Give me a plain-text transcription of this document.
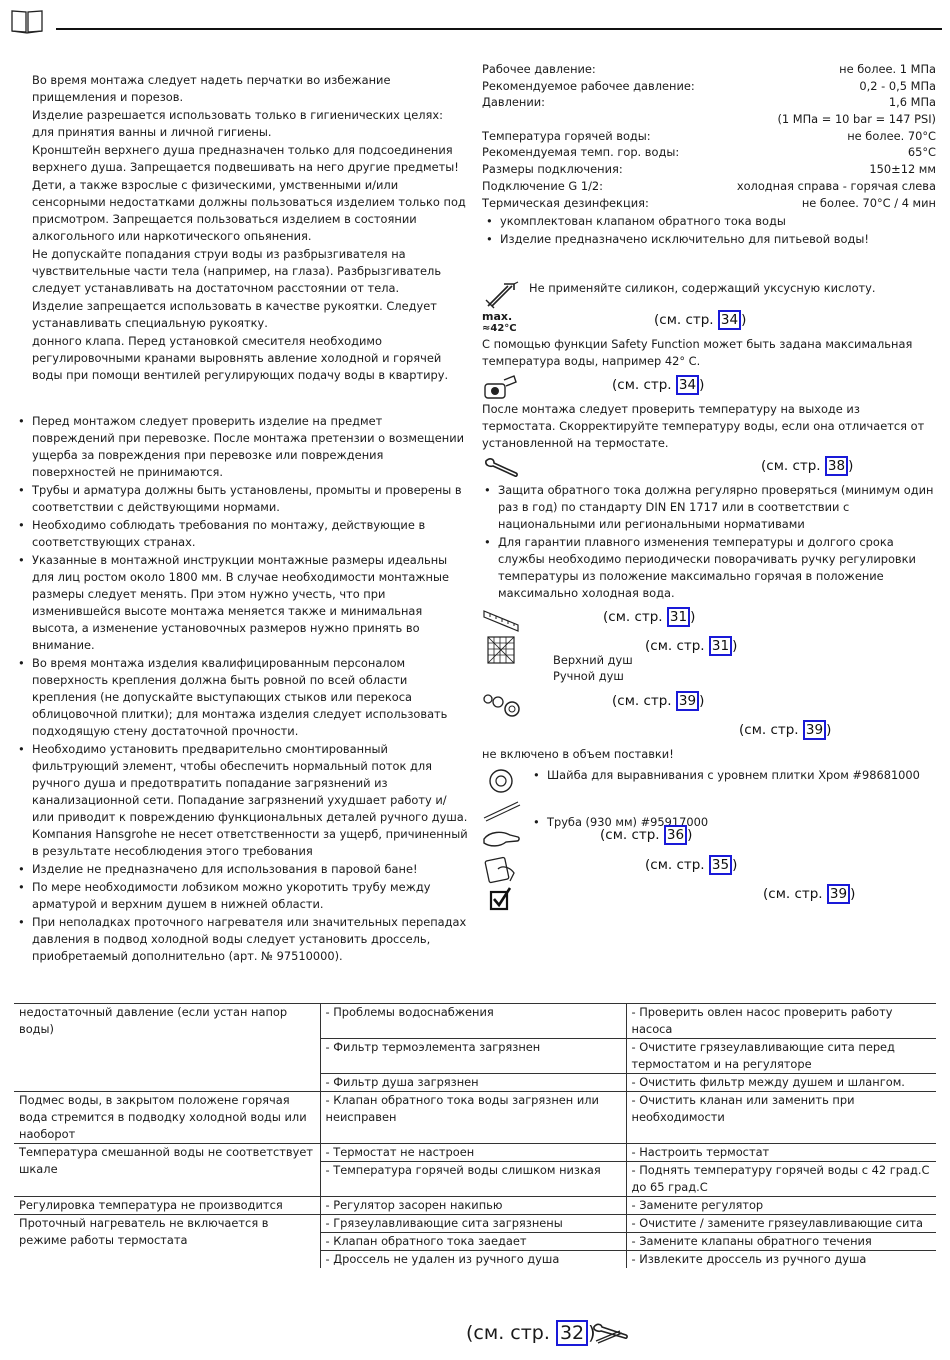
Во время монтажа следует надеть перчатки во избежание прищемления и порезов.
Изделие разрешается использовать только в гигиенических целях: для принятия ванны и личной гигиены.
Кронштейн верхнего душа предназначен только для подсоединения верхнего душа. Запрещается подвешивать на него другие предметы!
Дети, а также взрослые с физическими, умственными и/или сенсорными недостатками должны пользоваться изделием только под присмотром. Запрещается пользоваться изделием в состоянии алкогольного или наркотического опьянения.
Не допускайте попадания струи воды из разбрызгивателя на чувствительные части тела (например, на глаза). Разбрызгиватель следует устанавливать на достаточном расстоянии от тела.
Изделие запрещается использовать в качестве рукоятки. Следует устанавливать специальную рукоятку.
донного клапа. Перед установкой смесителя необходимо регулировочными кранами выровнять авление холодной и горячей воды при помощи вентилей регулирующих подачу воды в квартиру.
• Перед монтажом следует проверить изделие на предмет повреждений при перевозке. После монтажа претензии о возмещении ущерба за повреждения при перевозке или повреждения поверхностей не принимаются.
• Трубы и арматура должны быть установлены, промыты и проверены в соответствии с действующими нормами.
• Необходимо соблюдать требования по монтажу, действующие в соответствующих странах.
• Указанные в монтажной инструкции монтажные размеры идеальны для лиц ростом около 1800 мм. В случае необходимости монтажные размеры следует менять. При этом нужно учесть, что при изменившейся высоте монтажа меняется также и минимальная высота, а изменение установочных размеров нужно принять во внимание.
• Во время монтажа изделия квалифицированным персоналом поверхность крепления должна быть ровной по всей области крепления (не допускайте выступающих стыков или перекоса облицовочной плитки); для монтажа изделия следует использовать подходящую стену достаточной прочности.
• Необходимо установить предварительно смонтированный фильтрующий элемент, чтобы обеспечить нормальный поток для ручного душа и предотвратить попадание загрязнений из канализационной сети. Попадание загрязнений ухудшает работу и/или приводит к повреждению функциональных деталей ручного душа. Компания Hansgrohe не несет ответственности за ущерб, причиненный в результате несоблюдения этого требования
• Изделие не предназначено для использования в паровой бане!
• По мере необходимости лобзиком можно укоротить трубу между арматурой и верхним душем в нижней области.
• При неполадках проточного нагревателя или значительных перепадах давления в подвод холодной воды следует установить дроссель, приобретаемый дополнительно (арт. № 97510000).
Рабочее давление:	не более. 1 MПа
Рекомендуемое рабочее давление:	0,2 - 0,5 MПа
Давлении:	1,6 MПа
(1 MПа = 10 bar = 147 PSI)
Температура горячей воды:	не более. 70°C
Рекомендуемая темп. гор. воды:	65°C
Размеры подключения:	150±12 мм
Подключение G 1/2:	холодная справа - горячая слева
Термическая дезинфекция:	не более. 70°C / 4 мин
• укомплектован клапаном обратного тока воды
• Изделие предназначено исключительно для питьевой воды!
Не применяйте силикон, содержащий уксусную кислоту.
max.
≈42°C
(см. стр. 34 )
С помощью функции Safety Function может быть задана максимальная температура воды, например 42° C.
(см. стр. 34 )
После монтажа следует проверить температуру на выходе из термостата. Скорректируйте температуру воды, если она отличается от установленной на термостате.
(см. стр. 38 )
• Защита обратного тока должна регулярно проверяться (минимум один раз в год) по стандарту DIN EN 1717 или в соответствии с национальными или региональными нормативами
• Для гарантии плавного изменения температуры и долгого срока службы необходимо периодически поворачивать ручку регулировки температуры из положение максимально горячая в положение максимально холодная вода.
(см. стр. 31 )
(см. стр. 31 )
Верхний душ
Ручной душ
(см. стр. 39 )
(см. стр. 39 )
не включено в объем поставки!
• Шайба для выравнивания с уровнем плитки Хром #98681000
• Труба (930 мм) #95917000
(см. стр. 36 )
(см. стр. 35 )
(см. стр. 39 )
недостаточный давление (если устан напор воды)	- Проблемы водоснабжения	- Проверить овлен насос проверить работу насоса
	- Фильтр термоэлемента загрязнен	- Очистите грязеулавливающие сита перед термостатом и на регуляторе
	- Фильтр душа загрязнен	- Очистить фильтр между душем и шлангом.
Подмес воды, в закрытом положене горячая вода стремится в подводку холодной воды или наоборот	- Клапан обратного тока воды загрязнен или неисправен	- Очистить кланан или заменить при необходимости
Температура смешанной воды не соответствует шкале	- Термостат не настроен	- Настроить термостат
	- Температура горячей воды слишком низкая	- Поднять температуру горячей воды с 42 град.С до 65 град.С
Регулировка температура не производится	- Регулятор засорен накипью	- Замените регулятор
Проточный нагреватель не включается в режиме работы термостата	- Грязеулавливающие сита загрязнены	- Очистите / замените грязеулавливающие сита
	- Клапан обратного тока заедает	- Замените клапаны обратного течения
	- Дроссель не удален из ручного душа	- Извлеките дроссель из ручного душа
(см. стр. 32 )
